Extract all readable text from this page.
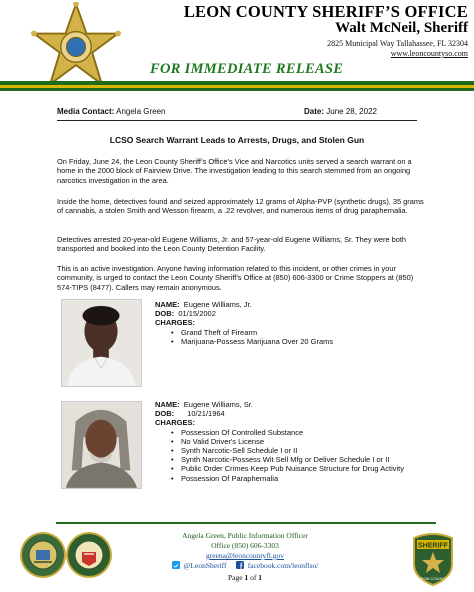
LEON COUNTY SHERIFF’S OFFICE
Walt McNeil, Sheriff
2825 Municipal Way Tallahassee, FL 32304
www.leoncountyso.com
FOR IMMEDIATE RELEASE
Media Contact: Angela Green	Date: June 28, 2022
LCSO Search Warrant Leads to Arrests, Drugs, and Stolen Gun

On Friday, June 24, the Leon County Sheriff’s Office’s Vice and Narcotics units served a search warrant on a home in the 2000 block of Fairview Drive. The investigation leading to this search stemmed from an ongoing narcotics investigation in the area.

Inside the home, detectives found and seized approximately 12 grams of Alpha-PVP (synthetic drugs), 35 grams of cannabis, a stolen Smith and Wesson firearm, a .22 revolver, and numerous items of drug paraphernalia.

Detectives arrested 20-year-old Eugene Williams, Jr. and 57-year-old Eugene Williams, Sr. They were both transported and booked into the Leon County Detention Facility.

This is an active investigation. Anyone having information related to this incident, or other crimes in your community, is urged to contact the Leon County Sheriff’s Office at (850) 606-3300 or Crime Stoppers at (850) 574-TIPS (8477). Callers may remain anonymous.

NAME: Eugene Williams, Jr.
DOB: 01/15/2002
CHARGES:
• Grand Theft of Firearm
• Marijuana-Possess Marijuana Over 20 Grams
NAME: Eugene Williams, Sr.
DOB: 10/21/1964
CHARGES:
• Possession Of Controlled Substance
• No Valid Driver's License
• Synth Narcotic-Sell Schedule I or II
• Synth Narcotic-Possess Wit Sell Mfg or Deliver Schedule I or II
• Public Order Crimes Keep Pub Nuisance Structure for Drug Activity
• Possession Of Paraphernalia
Angela Green, Public Information Officer
Office (850) 606-3303
greena@leoncountyfl.gov
@LeonSheriff	facebook.com/leonflso/
Page 1 of 1
SHERIFF
LEON COUNTY
